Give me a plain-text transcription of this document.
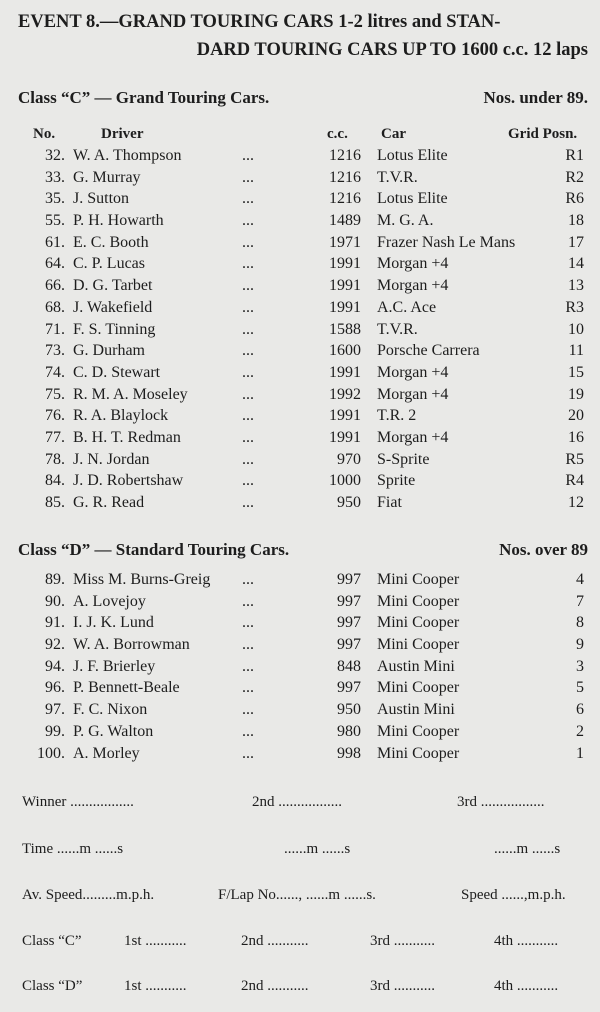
EVENT 8.—GRAND TOURING CARS 1-2 litres and STAN-
DARD TOURING CARS UP TO 1600 c.c. 12 laps
Class “C” — Grand Touring Cars.	Nos. under 89.
No.	Driver	c.c. Car	Grid Posn.
32. W. A. Thompson	...	1216 Lotus Elite	R1
33. G. Murray	...	1216 T.V.R.	R2
35. J. Sutton	...	1216 Lotus Elite	R6
55. P. H. Howarth	...	1489 M. G. A.	18
61. E. C. Booth	...	1971 Frazer Nash Le Mans	17
64. C. P. Lucas	...	1991 Morgan +4	14
66. D. G. Tarbet	...	1991 Morgan +4	13
68. J. Wakefield	...	1991 A.C. Ace	R3
71. F. S. Tinning	...	1588 T.V.R.	10
73. G. Durham	...	1600 Porsche Carrera	11
74. C. D. Stewart	...	1991 Morgan +4	15
75. R. M. A. Moseley	...	1992 Morgan +4	19
76. R. A. Blaylock	...	1991 T.R. 2	20
77. B. H. T. Redman	...	1991 Morgan +4	16
78. J. N. Jordan	...	970 S-Sprite	R5
84. J. D. Robertshaw	...	1000 Sprite	R4
85. G. R. Read	...	950 Fiat	12
Class “D” — Standard Touring Cars.	Nos. over 89
89. Miss M. Burns-Greig ...	997 Mini Cooper	4
90. A. Lovejoy	...	997 Mini Cooper	7
91. I. J. K. Lund	...	997 Mini Cooper	8
92. W. A. Borrowman	...	997 Mini Cooper	9
94. J. F. Brierley	...	848 Austin Mini	3
96. P. Bennett-Beale	...	997 Mini Cooper	5
97. F. C. Nixon	...	950 Austin Mini	6
99. P. G. Walton	...	980 Mini Cooper	2
100. A. Morley	...	998 Mini Cooper	1
Winner .................	2nd .................	3rd .................
Time ......m ......s	......m ......s	......m ......s
Av. Speed.........m.p.h.	F/Lap No......, ......m ......s.	Speed ......,m.p.h.
Class “C”	1st ...........	2nd ...........	3rd ...........	4th ...........
Class “D”	1st ...........	2nd ...........	3rd ...........	4th ...........
